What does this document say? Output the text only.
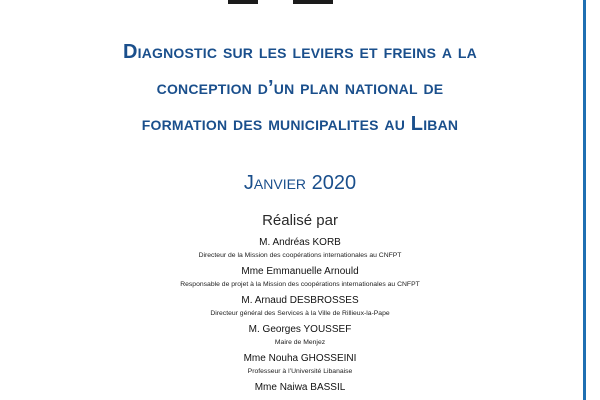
Diagnostic sur les leviers et freins a la
conception d’un plan national de
formation des municipalites au Liban
Janvier 2020
Réalisé par
M. Andréas KORB
Directeur de la Mission des coopérations internationales au CNFPT
Mme Emmanuelle Arnould
Responsable de projet à la Mission des coopérations internationales au CNFPT
M. Arnaud DESBROSSES
Directeur général des Services à la Ville de Rillieux-la-Pape
M. Georges YOUSSEF
Maire de Menjez
Mme Nouha GHOSSEINI
Professeur à l’Université Libanaise
Mme Naiwa BASSIL
